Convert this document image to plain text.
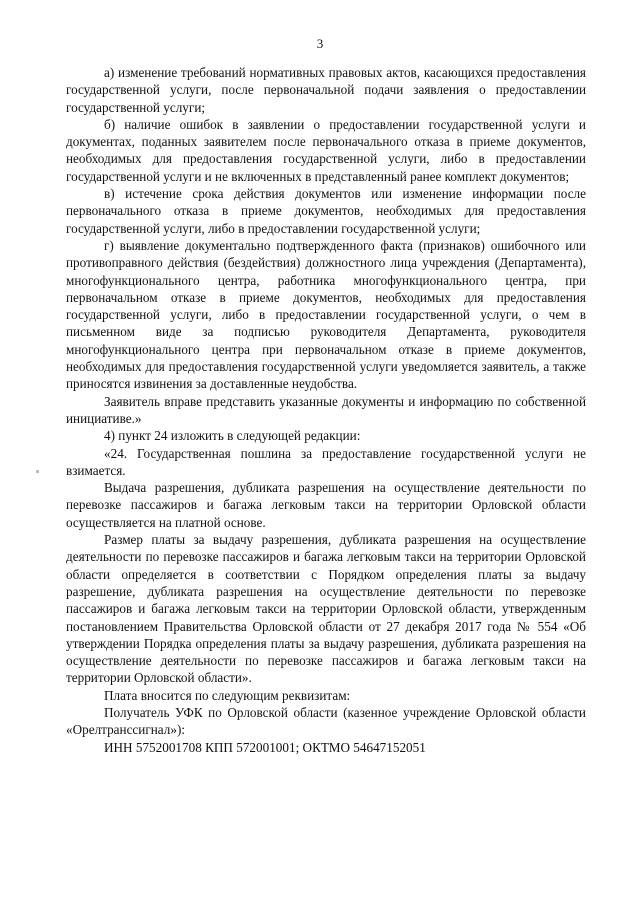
3

а) изменение требований нормативных правовых актов, касающихся предоставления государственной услуги, после первоначальной подачи заявления о предоставлении государственной услуги;

б) наличие ошибок в заявлении о предоставлении государственной услуги и документах, поданных заявителем после первоначального отказа в приеме документов, необходимых для предоставления государственной услуги, либо в предоставлении государственной услуги и не включенных в представленный ранее комплект документов;

в) истечение срока действия документов или изменение информации после первоначального отказа в приеме документов, необходимых для предоставления государственной услуги, либо в предоставлении государственной услуги;

г) выявление документально подтвержденного факта (признаков) ошибочного или противоправного действия (бездействия) должностного лица учреждения (Департамента), многофункционального центра, работника многофункционального центра, при первоначальном отказе в приеме документов, необходимых для предоставления государственной услуги, либо в предоставлении государственной услуги, о чем в письменном виде за подписью руководителя Департамента, руководителя многофункционального центра при первоначальном отказе в приеме документов, необходимых для предоставления государственной услуги уведомляется заявитель, а также приносятся извинения за доставленные неудобства.

Заявитель вправе представить указанные документы и информацию по собственной инициативе.»

4) пункт 24 изложить в следующей редакции:

«24. Государственная пошлина за предоставление государственной услуги не взимается.

Выдача разрешения, дубликата разрешения на осуществление деятельности по перевозке пассажиров и багажа легковым такси на территории Орловской области осуществляется на платной основе.

Размер платы за выдачу разрешения, дубликата разрешения на осуществление деятельности по перевозке пассажиров и багажа легковым такси на территории Орловской области определяется в соответствии с Порядком определения платы за выдачу разрешение, дубликата разрешения на осуществление деятельности по перевозке пассажиров и багажа легковым такси на территории Орловской области, утвержденным постановлением Правительства Орловской области от 27 декабря 2017 года № 554 «Об утверждении Порядка определения платы за выдачу разрешения, дубликата разрешения на осуществление деятельности по перевозке пассажиров и багажа легковым такси на территории Орловской области».

Плата вносится по следующим реквизитам:

Получатель УФК по Орловской области (казенное учреждение Орловской области «Орелтранссигнал»):

ИНН 5752001708 КПП 572001001; ОКТМО 54647152051
